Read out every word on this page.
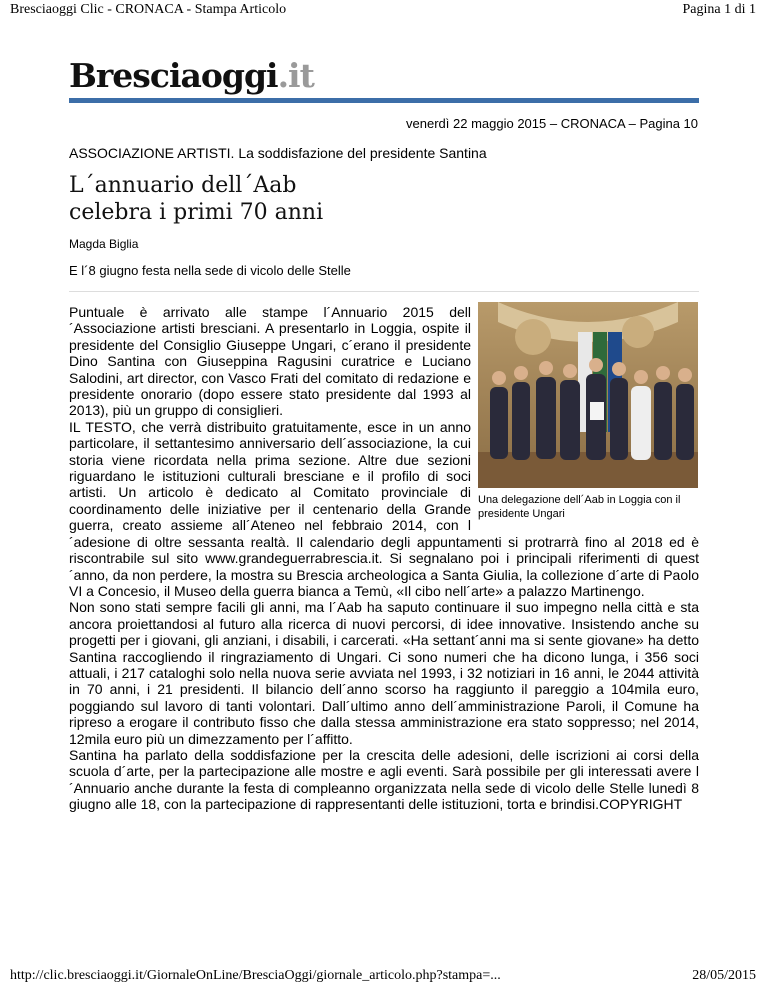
Bresciaoggi Clic - CRONACA - Stampa Articolo	Pagina 1 di 1
Bresciaoggi.it
venerdì 22 maggio 2015 – CRONACA – Pagina 10
ASSOCIAZIONE ARTISTI. La soddisfazione del presidente Santina
L´annuario dell´Aab
celebra i primi 70 anni
Magda Biglia
E l´8 giugno festa nella sede di vicolo delle Stelle
Puntuale è arrivato alle stampe l´Annuario 2015 dell´Associazione artisti bresciani. A presentarlo in Loggia, ospite il presidente del Consiglio Giuseppe Ungari, c´erano il presidente Dino Santina con Giuseppina Ragusini curatrice e Luciano Salodini, art director, con Vasco Frati del comitato di redazione e presidente onorario (dopo essere stato presidente dal 1993 al 2013), più un gruppo di consiglieri.
IL TESTO, che verrà distribuito gratuitamente, esce in un anno particolare, il settantesimo anniversario dell´associazione, la cui storia viene ricordata nella prima sezione. Altre due sezioni riguardano le istituzioni culturali bresciane e il profilo di soci artisti. Un articolo è dedicato al Comitato provinciale di coordinamento delle iniziative per il centenario della Grande guerra, creato assieme all´Ateneo nel febbraio 2014, con l´adesione di oltre sessanta realtà. Il calendario degli appuntamenti si protrarrà fino al 2018 ed è riscontrabile sul sito www.grandeguerrabrescia.it. Si segnalano poi i principali riferimenti di quest´anno, da non perdere, la mostra su Brescia archeologica a Santa Giulia, la collezione d´arte di Paolo VI a Concesio, il Museo della guerra bianca a Temù, «Il cibo nell´arte» a palazzo Martinengo.
Non sono stati sempre facili gli anni, ma l´Aab ha saputo continuare il suo impegno nella città e sta ancora proiettandosi al futuro alla ricerca di nuovi percorsi, di idee innovative. Insistendo anche su progetti per i giovani, gli anziani, i disabili, i carcerati. «Ha settant´anni ma si sente giovane» ha detto Santina raccogliendo il ringraziamento di Ungari. Ci sono numeri che ha dicono lunga, i 356 soci attuali, i 217 cataloghi solo nella nuova serie avviata nel 1993, i 32 notiziari in 16 anni, le 2044 attività in 70 anni, i 21 presidenti. Il bilancio dell´anno scorso ha raggiunto il pareggio a 104mila euro, poggiando sul lavoro di tanti volontari. Dall´ultimo anno dell´amministrazione Paroli, il Comune ha ripreso a erogare il contributo fisso che dalla stessa amministrazione era stato soppresso; nel 2014, 12mila euro più un dimezzamento per l´affitto.
Santina ha parlato della soddisfazione per la crescita delle adesioni, delle iscrizioni ai corsi della scuola d´arte, per la partecipazione alle mostre e agli eventi. Sarà possibile per gli interessati avere l´Annuario anche durante la festa di compleanno organizzata nella sede di vicolo delle Stelle lunedì 8 giugno alle 18, con la partecipazione di rappresentanti delle istituzioni, torta e brindisi.COPYRIGHT
Una delegazione dell´Aab in Loggia con il presidente Ungari
http://clic.bresciaoggi.it/GiornaleOnLine/BresciaOggi/giornale_articolo.php?stampa=...	28/05/2015
